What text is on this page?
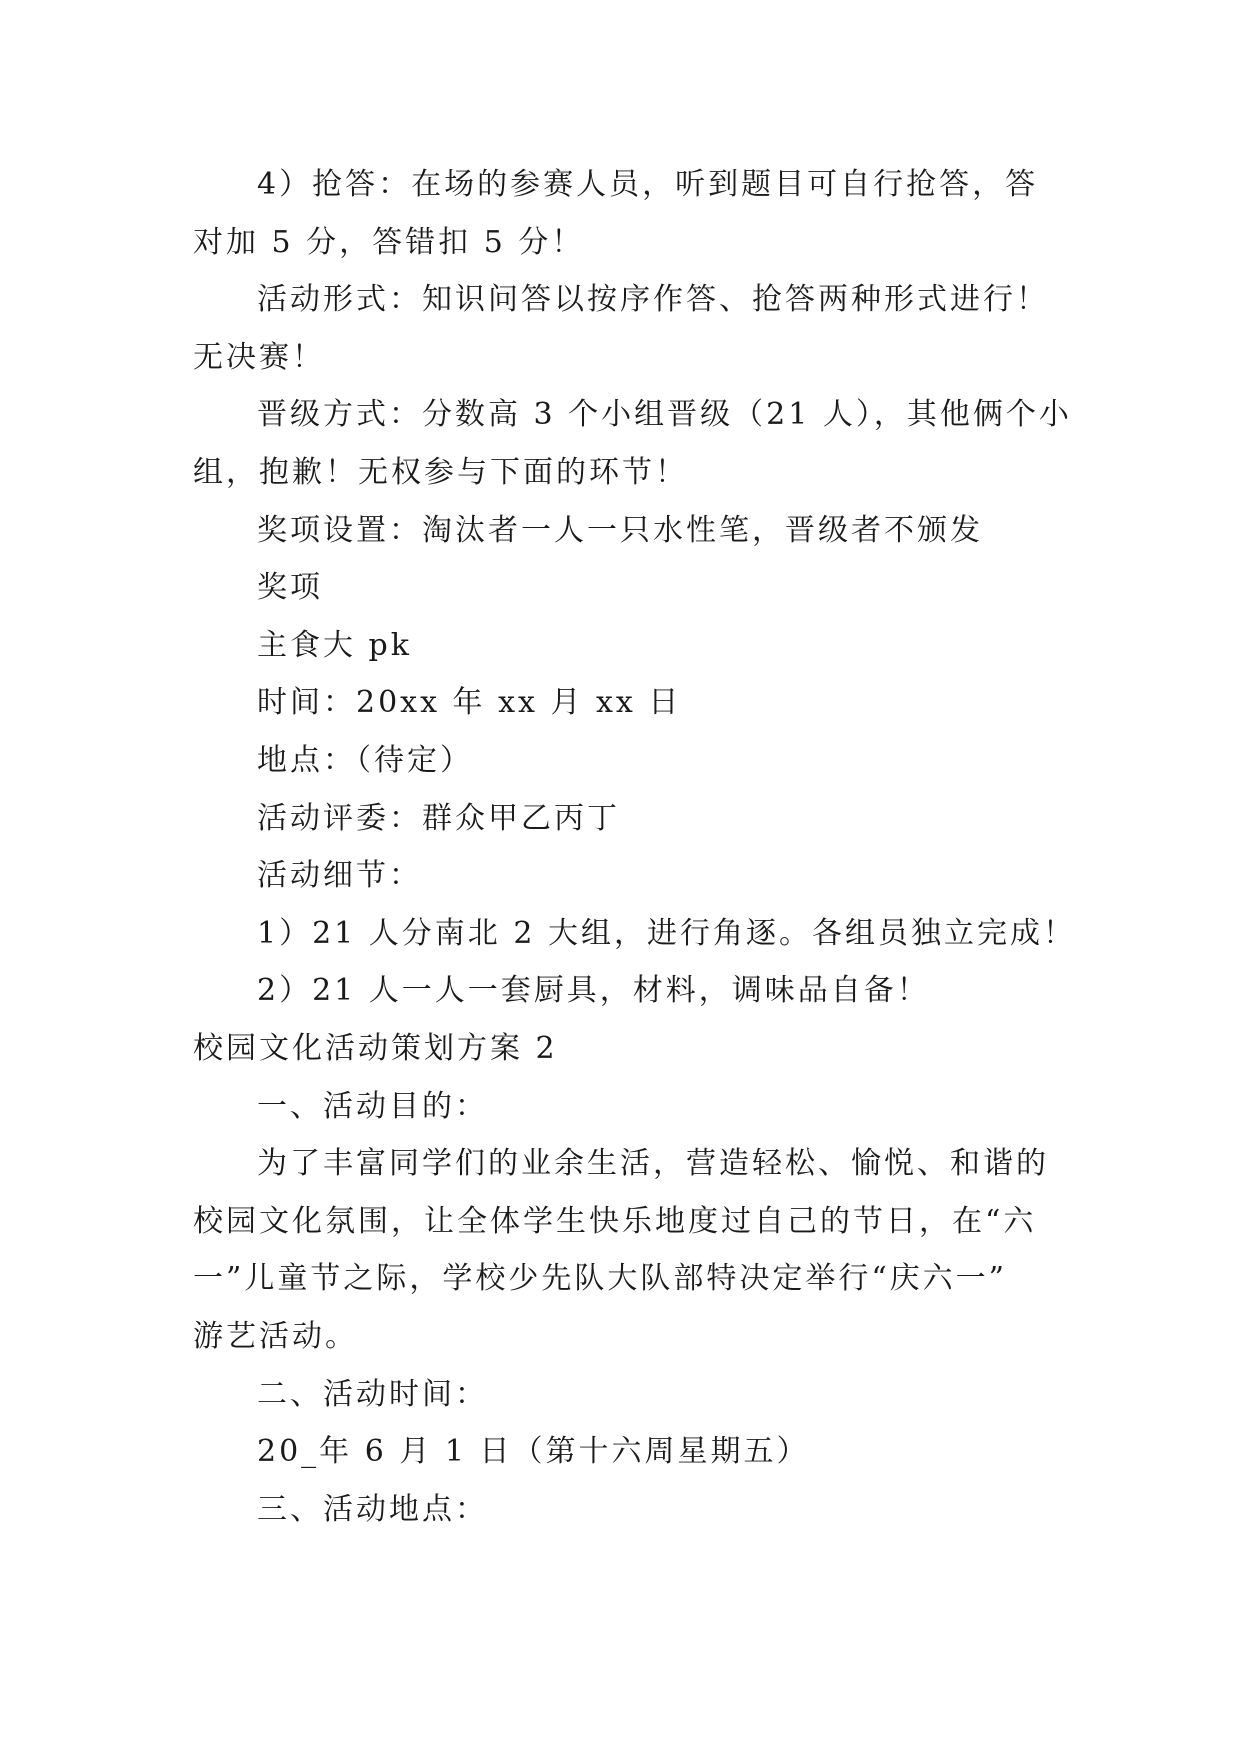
4）抢答：在场的参赛人员，听到题目可自行抢答，答
对加 5 分，答错扣 5 分！
活动形式：知识问答以按序作答、抢答两种形式进行！
无决赛！
晋级方式：分数高 3 个小组晋级（21 人），其他俩个小
组，抱歉！无权参与下面的环节！
奖项设置：淘汰者一人一只水性笔，晋级者不颁发
奖项
主食大 pk
时间：20xx 年 xx 月 xx 日
地点：（待定）
活动评委：群众甲乙丙丁
活动细节：
1）21 人分南北 2 大组，进行角逐。各组员独立完成！
2）21 人一人一套厨具，材料，调味品自备！
校园文化活动策划方案 2
一、活动目的：
为了丰富同学们的业余生活，营造轻松、愉悦、和谐的
校园文化氛围，让全体学生快乐地度过自己的节日，在“六
一”儿童节之际，学校少先队大队部特决定举行“庆六一”
游艺活动。
二、活动时间：
20_年 6 月 1 日（第十六周星期五）
三、活动地点：
